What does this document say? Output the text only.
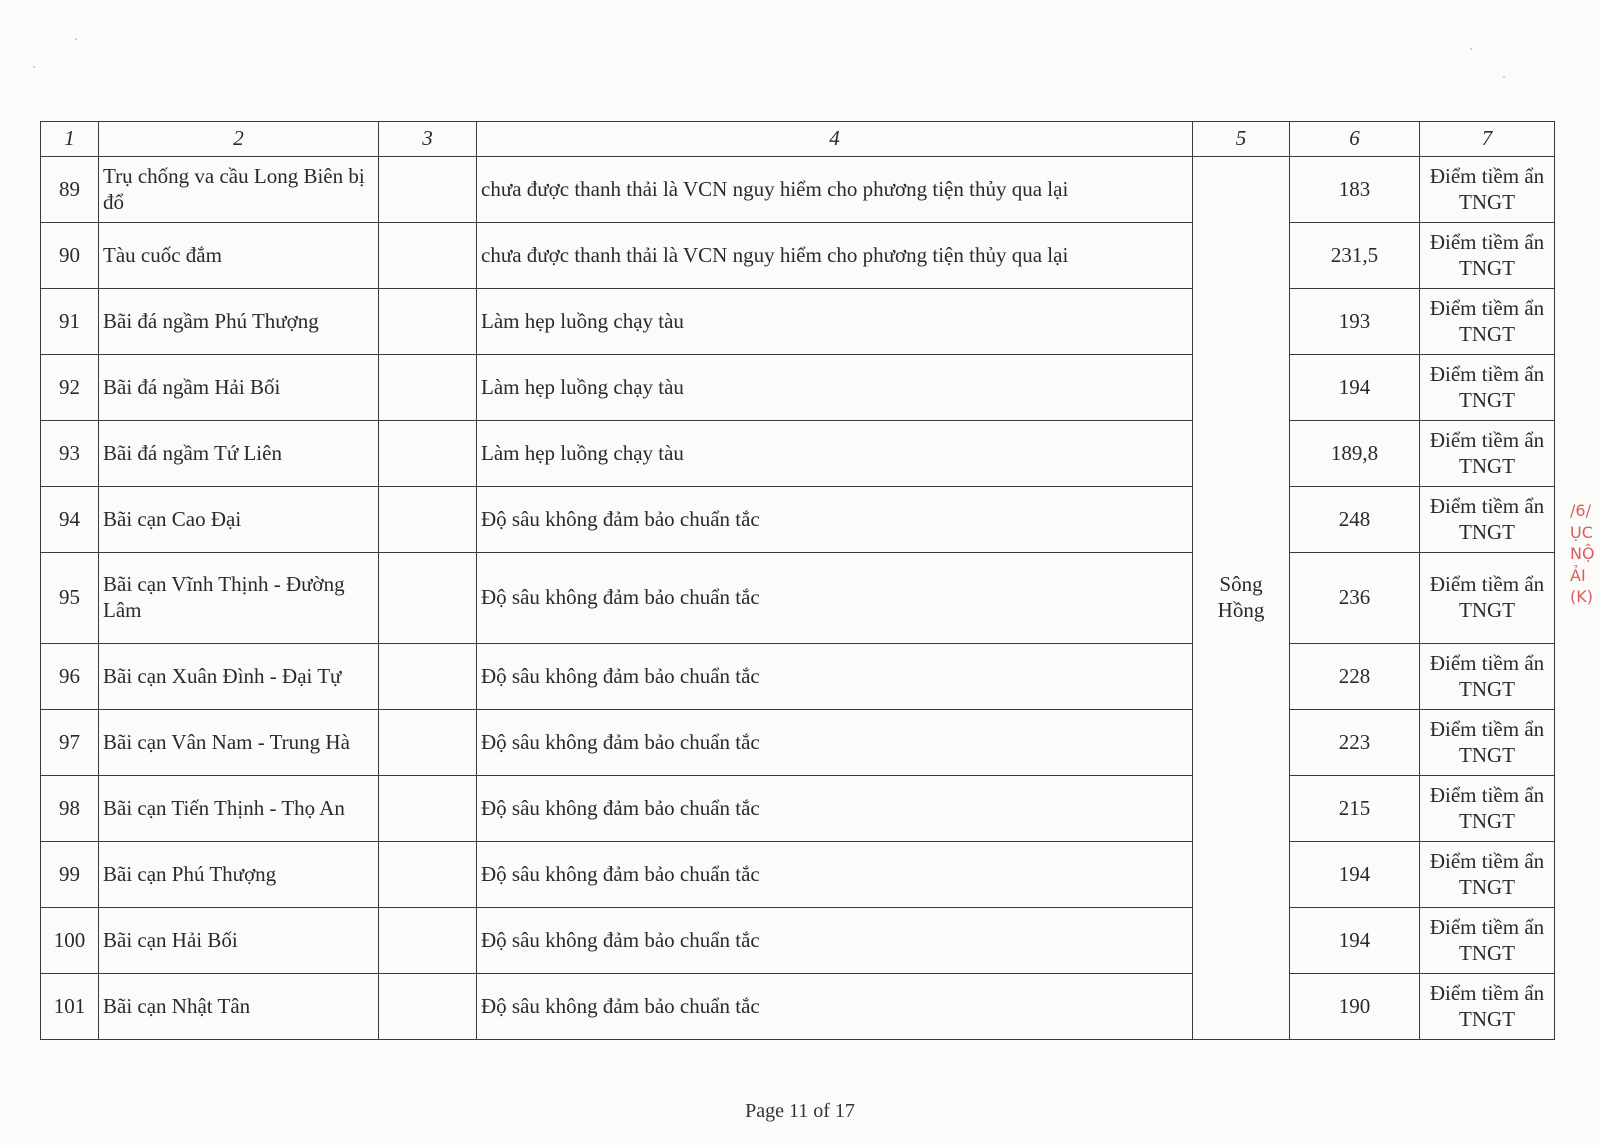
1	2	3	4	5	6	7
89	Trụ chống va cầu Long Biên bị đổ		chưa được thanh thải là VCN nguy hiểm cho phương tiện thủy qua lại	Sông Hồng	183	Điểm tiềm ẩn TNGT
90	Tàu cuốc đắm		chưa được thanh thải là VCN nguy hiểm cho phương tiện thủy qua lại		231,5	Điểm tiềm ẩn TNGT
91	Bãi đá ngầm Phú Thượng		Làm hẹp luồng chạy tàu		193	Điểm tiềm ẩn TNGT
92	Bãi đá ngầm Hải Bối		Làm hẹp luồng chạy tàu		194	Điểm tiềm ẩn TNGT
93	Bãi đá ngầm Tứ Liên		Làm hẹp luồng chạy tàu		189,8	Điểm tiềm ẩn TNGT
94	Bãi cạn Cao Đại		Độ sâu không đảm bảo chuẩn tắc		248	Điểm tiềm ẩn TNGT
95	Bãi cạn Vĩnh Thịnh - Đường Lâm		Độ sâu không đảm bảo chuẩn tắc		236	Điểm tiềm ẩn TNGT
96	Bãi cạn Xuân Đình - Đại Tự		Độ sâu không đảm bảo chuẩn tắc		228	Điểm tiềm ẩn TNGT
97	Bãi cạn Vân Nam - Trung Hà		Độ sâu không đảm bảo chuẩn tắc		223	Điểm tiềm ẩn TNGT
98	Bãi cạn Tiến Thịnh - Thọ An		Độ sâu không đảm bảo chuẩn tắc		215	Điểm tiềm ẩn TNGT
99	Bãi cạn Phú Thượng		Độ sâu không đảm bảo chuẩn tắc		194	Điểm tiềm ẩn TNGT
100	Bãi cạn Hải Bối		Độ sâu không đảm bảo chuẩn tắc		194	Điểm tiềm ẩn TNGT
101	Bãi cạn Nhật Tân		Độ sâu không đảm bảo chuẩn tắc		190	Điểm tiềm ẩn TNGT
Page 11 of 17
/6/
ỤC
NỘ
ẢI
(K)
